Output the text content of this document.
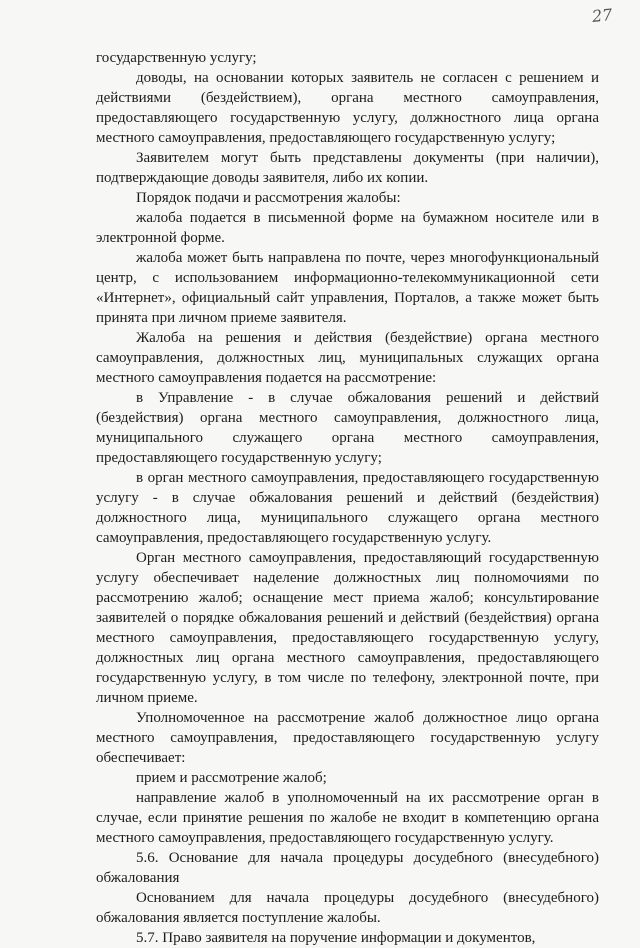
27

государственную услугу;

доводы, на основании которых заявитель не согласен с решением и действиями (бездействием), органа местного самоуправления, предоставляющего государственную услугу, должностного лица органа местного самоуправления, предоставляющего государственную услугу;

Заявителем могут быть представлены документы (при наличии), подтверждающие доводы заявителя, либо их копии.

Порядок подачи и рассмотрения жалобы:

жалоба подается в письменной форме на бумажном носителе или в электронной форме.

жалоба может быть направлена по почте, через многофункциональный центр, с использованием информационно-телекоммуникационной сети «Интернет», официальный сайт управления, Порталов, а также может быть принята при личном приеме заявителя.

Жалоба на решения и действия (бездействие) органа местного самоуправления, должностных лиц, муниципальных служащих органа местного самоуправления подается на рассмотрение:

в Управление - в случае обжалования решений и действий (бездействия) органа местного самоуправления, должностного лица, муниципального служащего органа местного самоуправления, предоставляющего государственную услугу;

в орган местного самоуправления, предоставляющего государственную услугу - в случае обжалования решений и действий (бездействия) должностного лица, муниципального служащего органа местного самоуправления, предоставляющего государственную услугу.

Орган местного самоуправления, предоставляющий государственную услугу обеспечивает наделение должностных лиц полномочиями по рассмотрению жалоб; оснащение мест приема жалоб; консультирование заявителей о порядке обжалования решений и действий (бездействия) органа местного самоуправления, предоставляющего государственную услугу, должностных лиц органа местного самоуправления, предоставляющего государственную услугу, в том числе по телефону, электронной почте, при личном приеме.

Уполномоченное на рассмотрение жалоб должностное лицо органа местного самоуправления, предоставляющего государственную услугу обеспечивает:

прием и рассмотрение жалоб;

направление жалоб в уполномоченный на их рассмотрение орган в случае, если принятие решения по жалобе не входит в компетенцию органа местного самоуправления, предоставляющего государственную услугу.

5.6. Основание для начала процедуры досудебного (внесудебного) обжалования

Основанием для начала процедуры досудебного (внесудебного) обжалования является поступление жалобы.

5.7. Право заявителя на поручение информации и документов,
